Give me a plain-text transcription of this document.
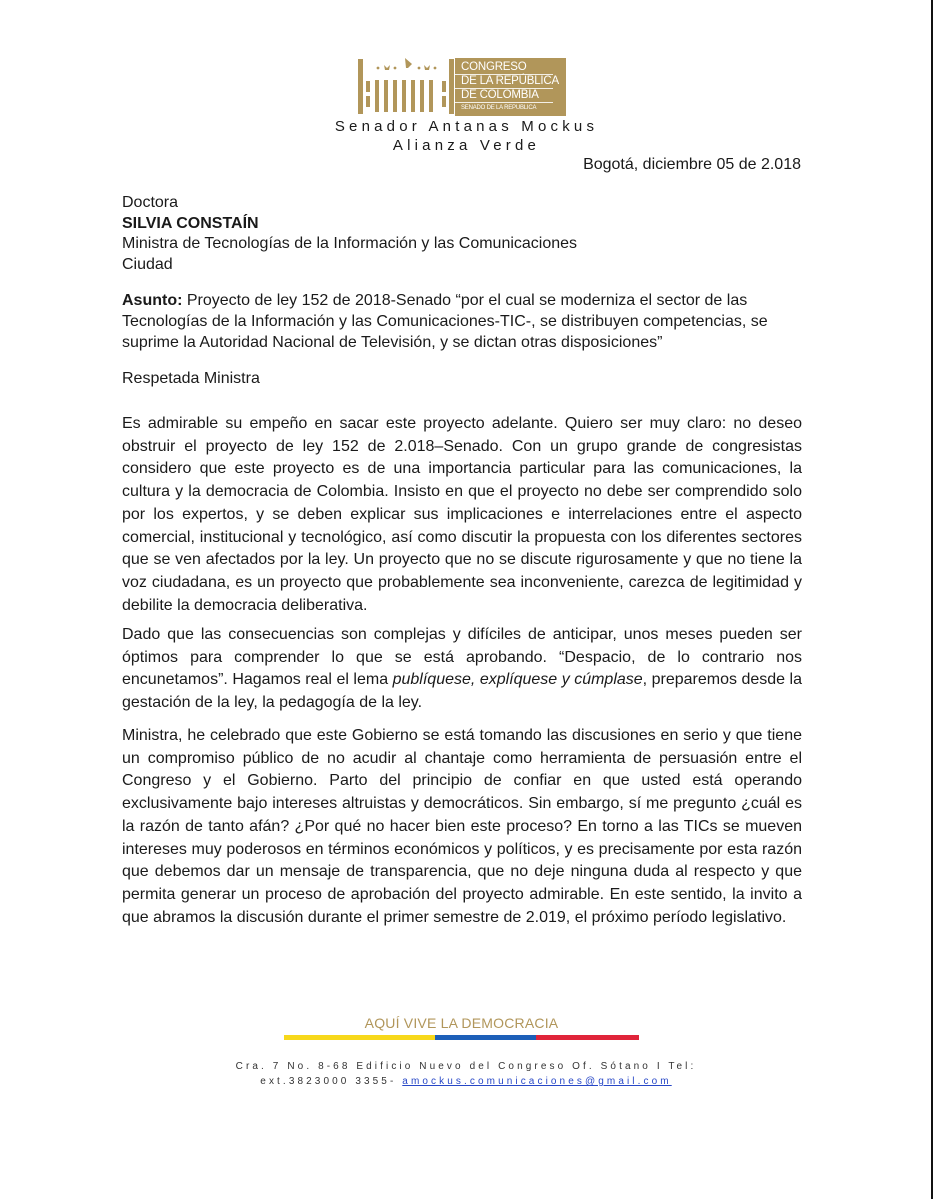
CONGRESO
DE LA REPÚBLICA
DE COLOMBIA
SENADO DE LA REPUBLICA
Senador Antanas Mockus
Alianza Verde
Bogotá, diciembre 05 de 2.018
Doctora
SILVIA CONSTAÍN
Ministra de Tecnologías de la Información y las Comunicaciones
Ciudad
Asunto: Proyecto de ley 152 de 2018-Senado “por el cual se moderniza el sector de las Tecnologías de la Información y las Comunicaciones-TIC-, se distribuyen competencias, se suprime la Autoridad Nacional de Televisión, y se dictan otras disposiciones”
Respetada Ministra
Es admirable su empeño en sacar este proyecto adelante. Quiero ser muy claro: no deseo obstruir el proyecto de ley 152 de 2.018–Senado. Con un grupo grande de congresistas considero que este proyecto es de una importancia particular para las comunicaciones, la cultura y la democracia de Colombia. Insisto en que el proyecto no debe ser comprendido solo por los expertos, y se deben explicar sus implicaciones e interrelaciones entre el aspecto comercial, institucional y tecnológico, así como discutir la propuesta con los diferentes sectores que se ven afectados por la ley. Un proyecto que no se discute rigurosamente y que no tiene la voz ciudadana, es un proyecto que probablemente sea inconveniente, carezca de legitimidad y debilite la democracia deliberativa.
Dado que las consecuencias son complejas y difíciles de anticipar, unos meses pueden ser óptimos para comprender lo que se está aprobando. “Despacio, de lo contrario nos encunetamos”. Hagamos real el lema publíquese, explíquese y cúmplase, preparemos desde la gestación de la ley, la pedagogía de la ley.
Ministra, he celebrado que este Gobierno se está tomando las discusiones en serio y que tiene un compromiso público de no acudir al chantaje como herramienta de persuasión entre el Congreso y el Gobierno. Parto del principio de confiar en que usted está operando exclusivamente bajo intereses altruistas y democráticos. Sin embargo, sí me pregunto ¿cuál es la razón de tanto afán? ¿Por qué no hacer bien este proceso? En torno a las TICs se mueven intereses muy poderosos en términos económicos y políticos, y es precisamente por esta razón que debemos dar un mensaje de transparencia, que no deje ninguna duda al respecto y que permita generar un proceso de aprobación del proyecto admirable. En este sentido, la invito a que abramos la discusión durante el primer semestre de 2.019, el próximo período legislativo.
AQUÍ VIVE LA DEMOCRACIA
Cra. 7 No. 8-68 Edificio Nuevo del Congreso Of. Sótano I Tel:
ext.3823000 3355- amockus.comunicaciones@gmail.com
